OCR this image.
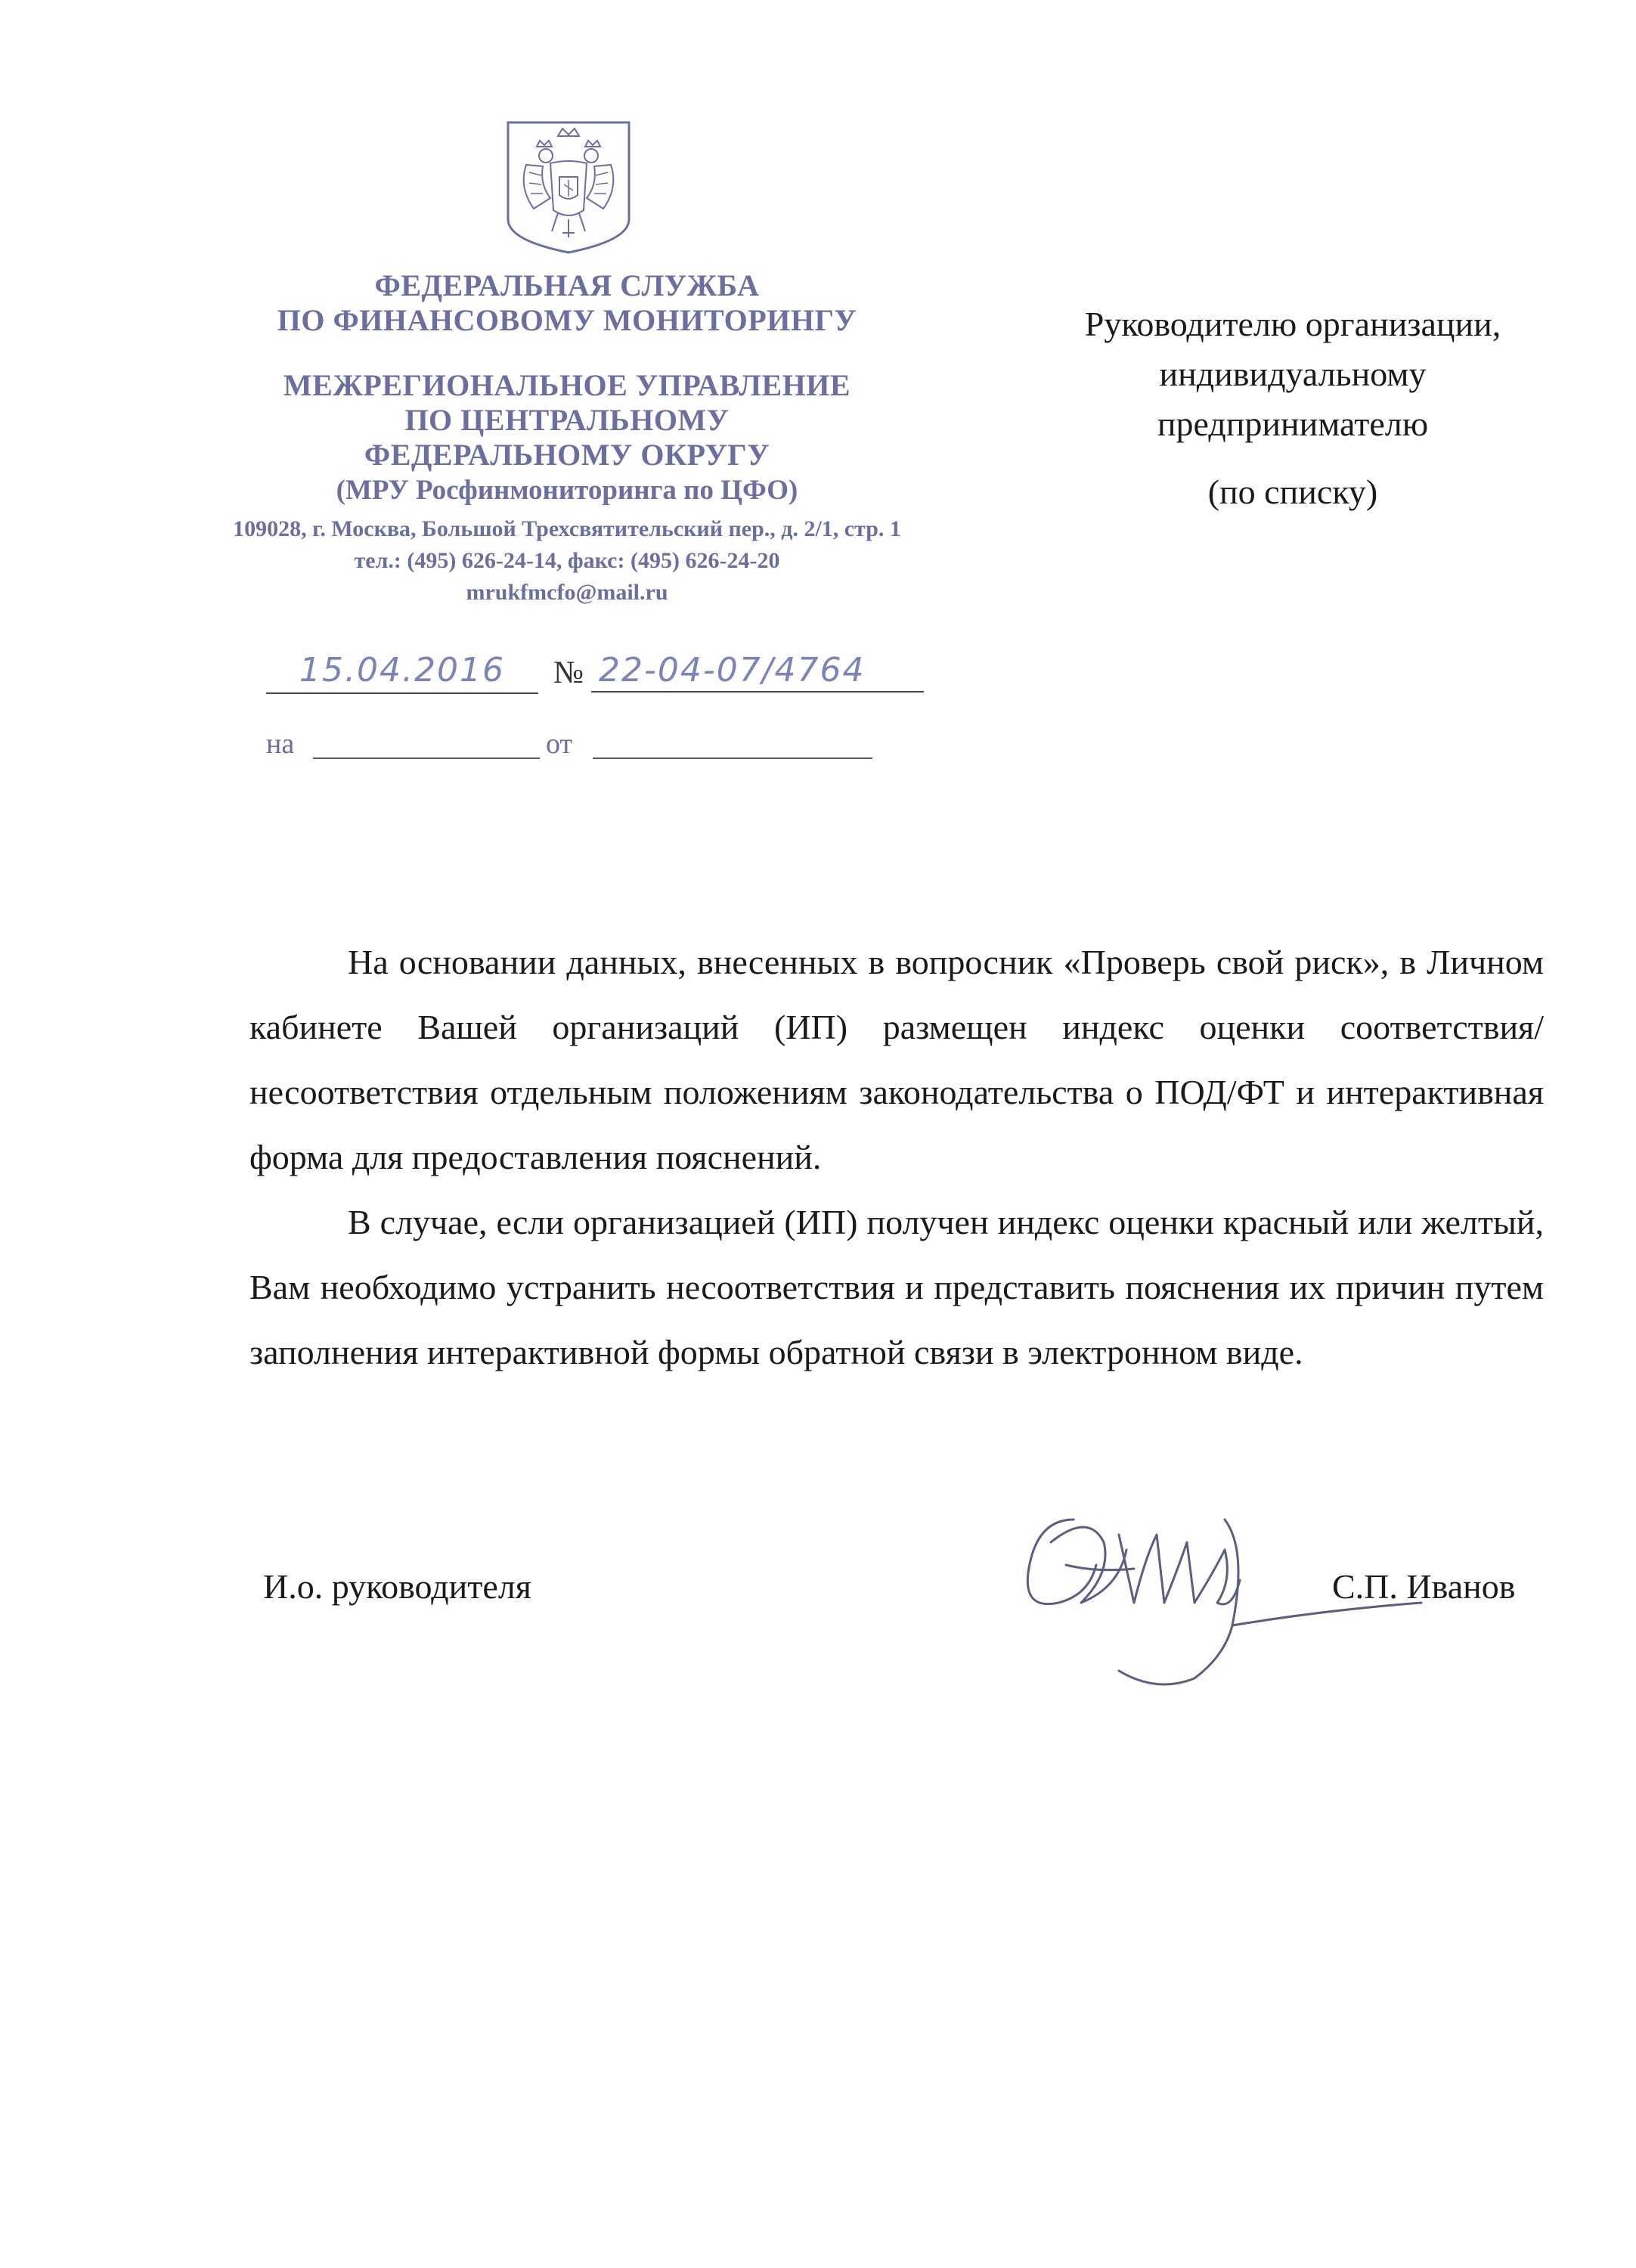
ФЕДЕРАЛЬНАЯ СЛУЖБА
ПО ФИНАНСОВОМУ МОНИТОРИНГУ
МЕЖРЕГИОНАЛЬНОЕ УПРАВЛЕНИЕ
ПО ЦЕНТРАЛЬНОМУ
ФЕДЕРАЛЬНОМУ ОКРУГУ
(МРУ Росфинмониторинга по ЦФО)
109028, г. Москва, Большой Трехсвятительский пер., д. 2/1, стр. 1
тел.: (495) 626-24-14, факс: (495) 626-24-20
mrukfmcfo@mail.ru
15.04.2016	№ 22-04-07/4764
на	от
Руководителю организации,
индивидуальному
предпринимателю
(по списку)

На основании данных, внесенных в вопросник «Проверь свой риск», в Личном кабинете Вашей организаций (ИП) размещен индекс оценки соответствия/несоответствия отдельным положениям законодательства о ПОД/ФТ и интерактивная форма для предоставления пояснений.

В случае, если организацией (ИП) получен индекс оценки красный или желтый, Вам необходимо устранить несоответствия и представить пояснения их причин путем заполнения интерактивной формы обратной связи в электронном виде.

И.о. руководителя	С.П. Иванов
